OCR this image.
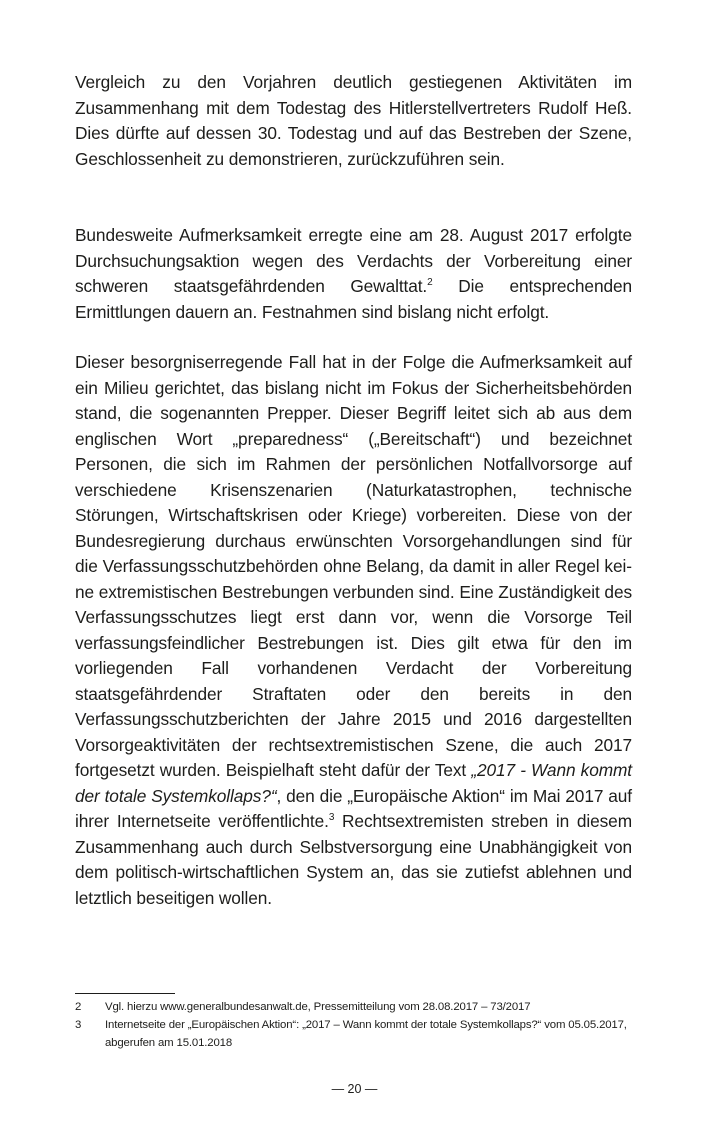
Vergleich zu den Vorjahren deutlich gestiegenen Aktivitäten im Zusammenhang mit dem Todestag des Hitlerstellvertreters Rudolf Heß. Dies dürfte auf dessen 30. Todestag und auf das Bestreben der Szene, Geschlossenheit zu demonstrieren, zurückzuführen sein.

Bundesweite Aufmerksamkeit erregte eine am 28. August 2017 erfolgte Durchsuchungsaktion wegen des Verdachts der Vorbereitung einer schweren staatsgefährdenden Gewalttat.$^2$ Die entsprechenden Ermittlungen dauern an. Festnahmen sind bislang nicht erfolgt.

Dieser besorgniserregende Fall hat in der Folge die Aufmerksamkeit auf ein Milieu gerichtet, das bislang nicht im Fokus der Sicherheitsbehörden stand, die sogenannten Prepper. Dieser Begriff leitet sich ab aus dem englischen Wort „preparedness“ („Bereitschaft“) und bezeichnet Personen, die sich im Rahmen der persönlichen Notfallvorsorge auf verschiedene Krisenszenarien (Naturkatastrophen, technische Störungen, Wirtschaftskrisen oder Kriege) vorbereiten. Diese von der Bundesregierung durchaus erwünschten Vorsorgehandlungen sind für die Verfassungsschutzbehörden ohne Belang, da damit in aller Regel keine extremistischen Bestrebungen verbunden sind. Eine Zuständigkeit des Verfassungsschutzes liegt erst dann vor, wenn die Vorsorge Teil verfassungsfeindlicher Bestrebungen ist. Dies gilt etwa für den im vorliegenden Fall vorhandenen Verdacht der Vorbereitung staatsgefährdender Straftaten oder den bereits in den Verfassungsschutzberichten der Jahre 2015 und 2016 dargestellten Vorsorgeaktivitäten der rechtsextremistischen Szene, die auch 2017 fortgesetzt wurden. Beispielhaft steht dafür der Text „2017 - Wann kommt der totale Systemkollaps?“, den die „Europäische Aktion“ im Mai 2017 auf ihrer Internetseite veröffentlichte.$^3$ Rechtsextremisten streben in diesem Zusammenhang auch durch Selbstversorgung eine Unabhängigkeit von dem politisch-wirtschaftlichen System an, das sie zutiefst ablehnen und letztlich beseitigen wollen.

2	Vgl. hierzu www.generalbundesanwalt.de, Pressemitteilung vom 28.08.2017 – 73/2017
3	Internetseite der „Europäischen Aktion“: „2017 – Wann kommt der totale Systemkollaps?“ vom 05.05.2017, abgerufen am 15.01.2018
— 20 —
